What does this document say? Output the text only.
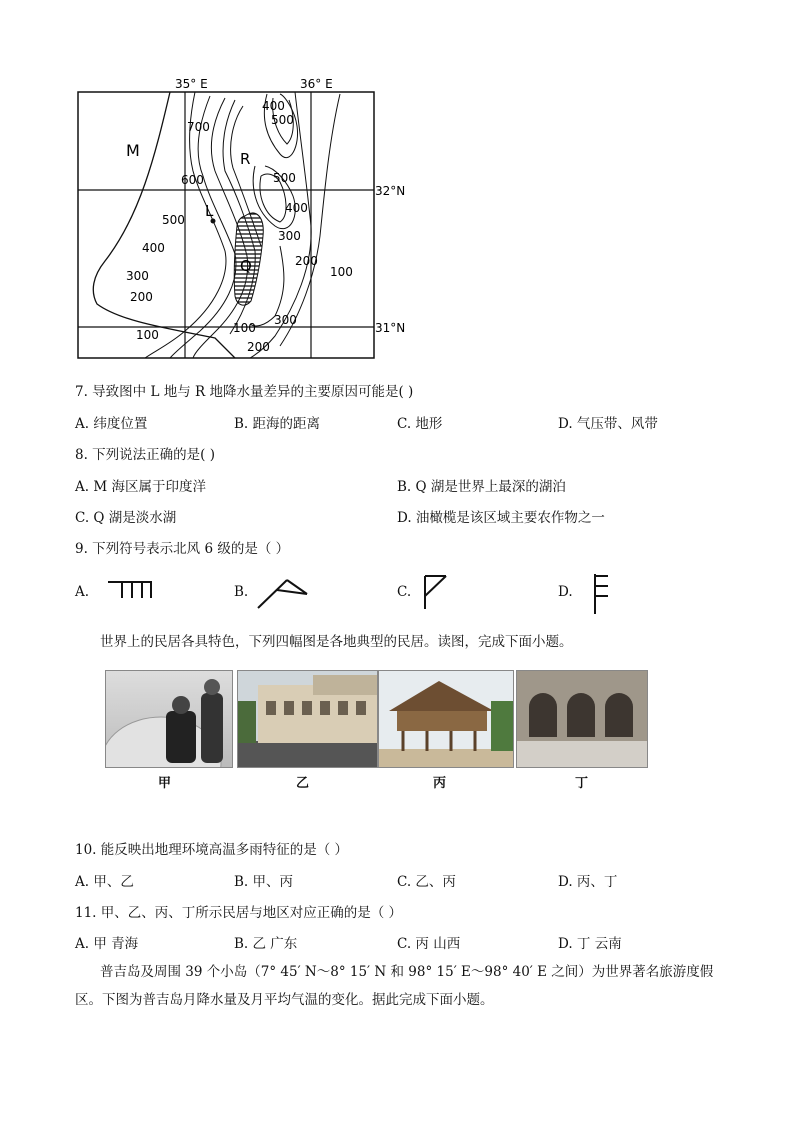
35° E	36° E
32°N
31°N
M	R
L
Q
700
400
500
600	500
400
500
300
400
300
200
100
200
100
300
100
200
7. 导致图中 L 地与 R 地降水量差异的主要原因可能是( )
A. 纬度位置	B. 距海的距离	C. 地形	D. 气压带、风带
8. 下列说法正确的是( )
A. M 海区属于印度洋	B. Q 湖是世界上最深的湖泊
C. Q 湖是淡水湖	D. 油橄榄是该区域主要农作物之一
9. 下列符号表示北风 6 级的是（ ）
A.	B.	C.	D.
世界上的民居各具特色，下列四幅图是各地典型的民居。读图，完成下面小题。
甲	乙	丙	丁
10. 能反映出地理环境高温多雨特征的是（ ）
A. 甲、乙	B. 甲、丙	C. 乙、丙	D. 丙、丁
11. 甲、乙、丙、丁所示民居与地区对应正确的是（ ）
A. 甲 青海	B. 乙 广东	C. 丙 山西	D. 丁 云南
普吉岛及周围 39 个小岛（7° 45′ N～8° 15′ N 和 98° 15′ E～98° 40′ E 之间）为世界著名旅游度假区。下图为普吉岛月降水量及月平均气温的变化。据此完成下面小题。
